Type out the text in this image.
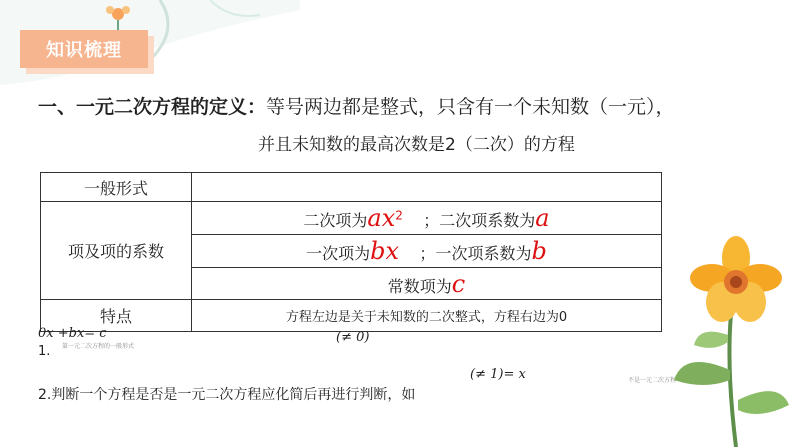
知识梳理
一、一元二次方程的定义：等号两边都是整式，只含有一个未知数（一元），
并且未知数的最高次数是2（二次）的方程
一般形式	
项及项的系数	二次项为$ax^2$ ；二次项系数为a
	一次项为bx ；一次项系数为b
	常数项为c
特点	方程左边是关于未知数的二次整式，方程右边为0
0x +bx= c
第一元二次方程的一般形式
(≠ 0)
(≠ 1)= x	不是一元二次方程
1.
2.判断一个方程是否是一元二次方程应化简后再进行判断，如
